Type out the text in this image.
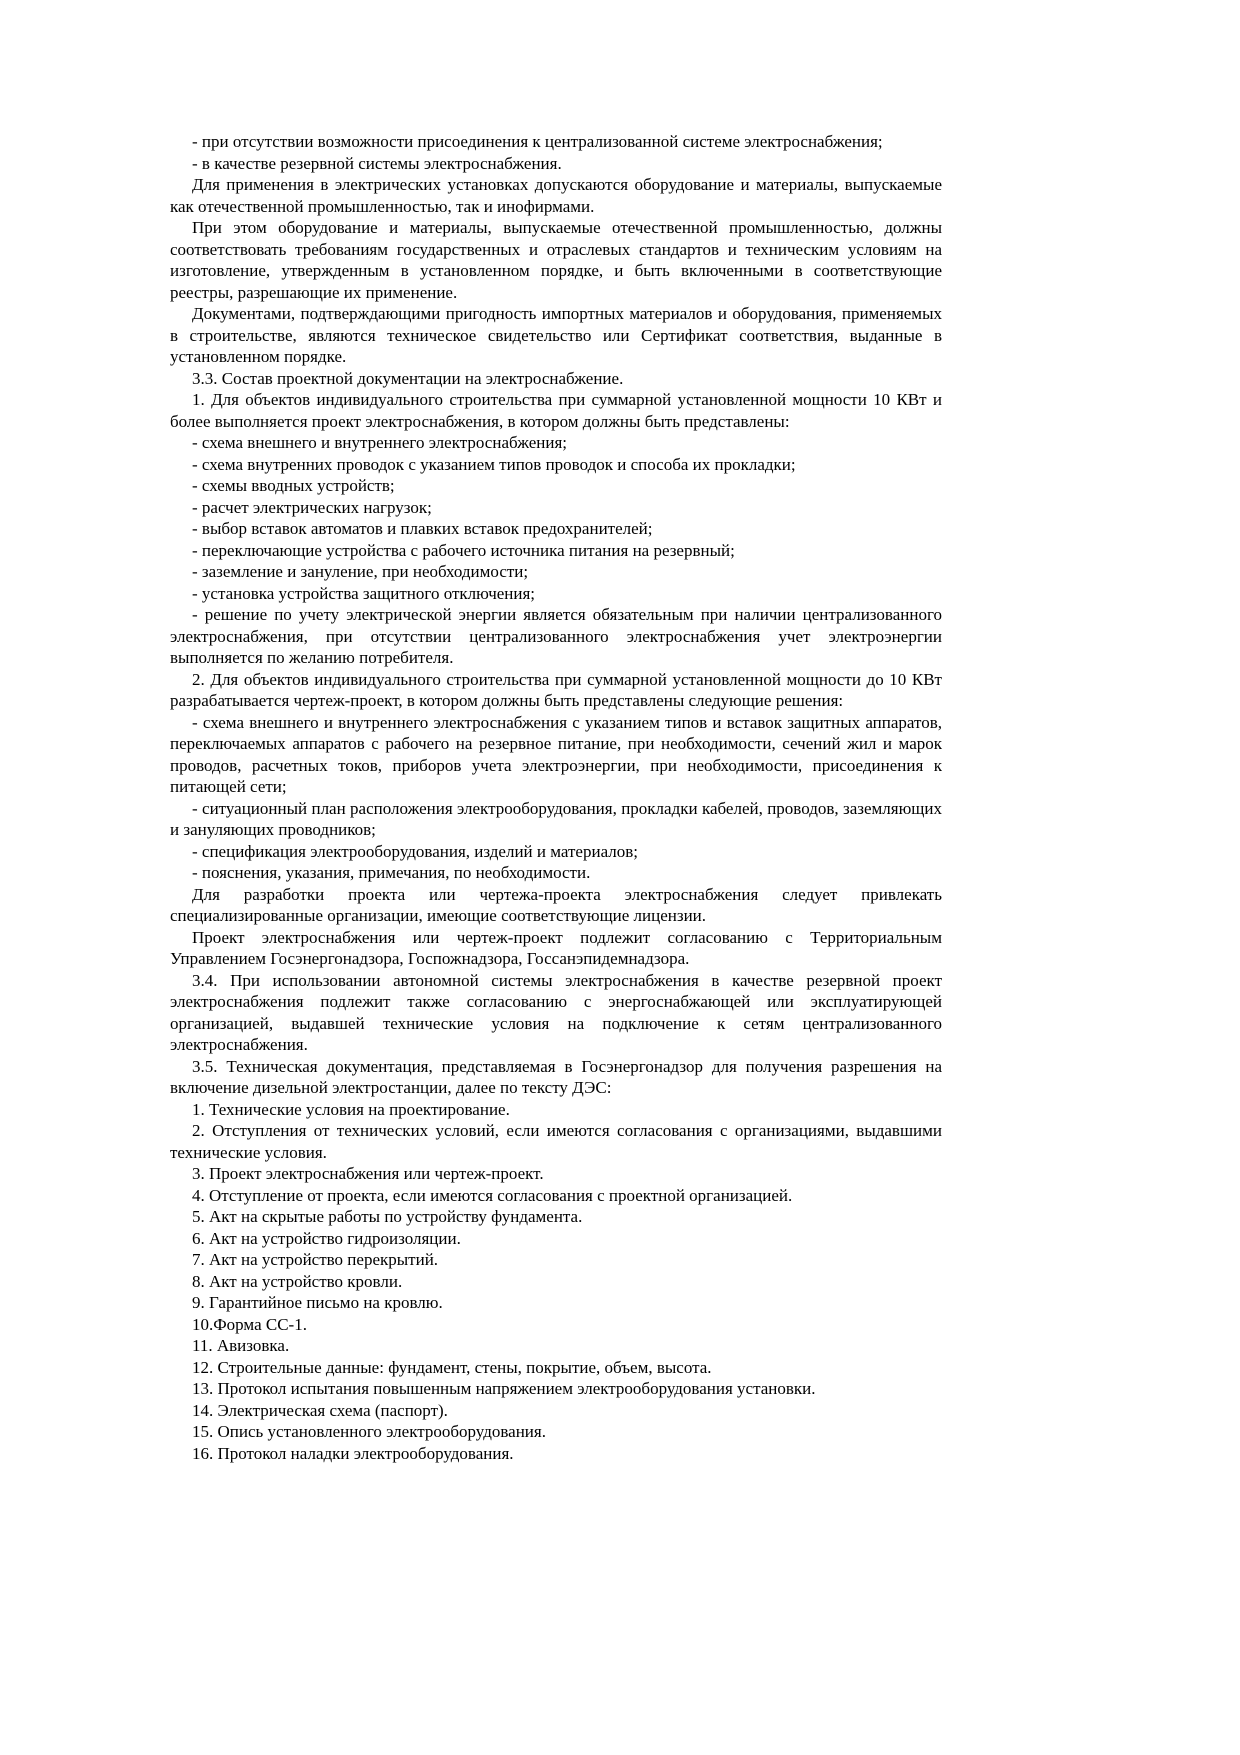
- при отсутствии возможности присоединения к централизованной системе электроснабжения;

- в качестве резервной системы электроснабжения.

Для применения в электрических установках допускаются оборудование и материалы, выпускаемые как отечественной промышленностью, так и инофирмами.

При этом оборудование и материалы, выпускаемые отечественной промышленностью, должны соответствовать требованиям государственных и отраслевых стандартов и техническим условиям на изготовление, утвержденным в установленном порядке, и быть включенными в соответствующие реестры, разрешающие их применение.

Документами, подтверждающими пригодность импортных материалов и оборудования, применяемых в строительстве, являются техническое свидетельство или Сертификат соответствия, выданные в установленном порядке.

3.3. Состав проектной документации на электроснабжение.

1. Для объектов индивидуального строительства при суммарной установленной мощности 10 КВт и более выполняется проект электроснабжения, в котором должны быть представлены:

- схема внешнего и внутреннего электроснабжения;

- схема внутренних проводок с указанием типов проводок и способа их прокладки;

- схемы вводных устройств;

- расчет электрических нагрузок;

- выбор вставок автоматов и плавких вставок предохранителей;

- переключающие устройства с рабочего источника питания на резервный;

- заземление и зануление, при необходимости;

- установка устройства защитного отключения;

- решение по учету электрической энергии является обязательным при наличии централизованного электроснабжения, при отсутствии централизованного электроснабжения учет электроэнергии выполняется по желанию потребителя.

2. Для объектов индивидуального строительства при суммарной установленной мощности до 10 КВт разрабатывается чертеж-проект, в котором должны быть представлены следующие решения:

- схема внешнего и внутреннего электроснабжения с указанием типов и вставок защитных аппаратов, переключаемых аппаратов с рабочего на резервное питание, при необходимости, сечений жил и марок проводов, расчетных токов, приборов учета электроэнергии, при необходимости, присоединения к питающей сети;

- ситуационный план расположения электрооборудования, прокладки кабелей, проводов, заземляющих и зануляющих проводников;

- спецификация электрооборудования, изделий и материалов;

- пояснения, указания, примечания, по необходимости.

Для разработки проекта или чертежа-проекта электроснабжения следует привлекать специализированные организации, имеющие соответствующие лицензии.

Проект электроснабжения или чертеж-проект подлежит согласованию с Территориальным Управлением Госэнергонадзора, Госпожнадзора, Госсанэпидемнадзора.

3.4. При использовании автономной системы электроснабжения в качестве резервной проект электроснабжения подлежит также согласованию с энергоснабжающей или эксплуатирующей организацией, выдавшей технические условия на подключение к сетям централизованного электроснабжения.

3.5. Техническая документация, представляемая в Госэнергонадзор для получения разрешения на включение дизельной электростанции, далее по тексту ДЭС:

1. Технические условия на проектирование.

2. Отступления от технических условий, если имеются согласования с организациями, выдавшими технические условия.

3. Проект электроснабжения или чертеж-проект.

4. Отступление от проекта, если имеются согласования с проектной организацией.

5. Акт на скрытые работы по устройству фундамента.

6. Акт на устройство гидроизоляции.

7. Акт на устройство перекрытий.

8. Акт на устройство кровли.

9. Гарантийное письмо на кровлю.

10.Форма СС-1.

11. Авизовка.

12. Строительные данные: фундамент, стены, покрытие, объем, высота.

13. Протокол испытания повышенным напряжением электрооборудования установки.

14. Электрическая схема (паспорт).

15. Опись установленного электрооборудования.

16. Протокол наладки электрооборудования.
